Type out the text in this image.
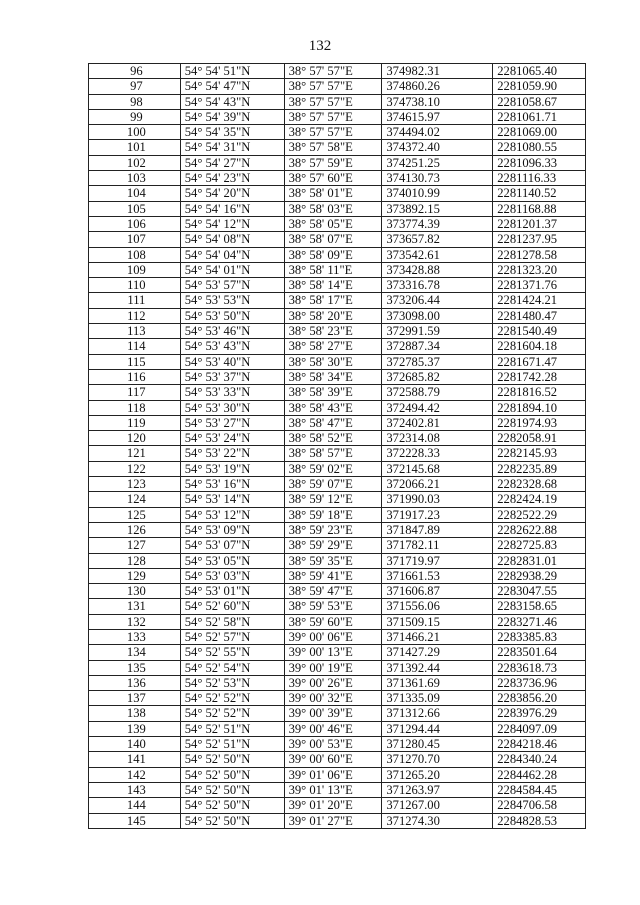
132
96	54° 54' 51"N	38° 57' 57"E	374982.31	2281065.40
97	54° 54' 47"N	38° 57' 57"E	374860.26	2281059.90
98	54° 54' 43"N	38° 57' 57"E	374738.10	2281058.67
99	54° 54' 39"N	38° 57' 57"E	374615.97	2281061.71
100	54° 54' 35"N	38° 57' 57"E	374494.02	2281069.00
101	54° 54' 31"N	38° 57' 58"E	374372.40	2281080.55
102	54° 54' 27"N	38° 57' 59"E	374251.25	2281096.33
103	54° 54' 23"N	38° 57' 60"E	374130.73	2281116.33
104	54° 54' 20"N	38° 58' 01"E	374010.99	2281140.52
105	54° 54' 16"N	38° 58' 03"E	373892.15	2281168.88
106	54° 54' 12"N	38° 58' 05"E	373774.39	2281201.37
107	54° 54' 08"N	38° 58' 07"E	373657.82	2281237.95
108	54° 54' 04"N	38° 58' 09"E	373542.61	2281278.58
109	54° 54' 01"N	38° 58' 11"E	373428.88	2281323.20
110	54° 53' 57"N	38° 58' 14"E	373316.78	2281371.76
111	54° 53' 53"N	38° 58' 17"E	373206.44	2281424.21
112	54° 53' 50"N	38° 58' 20"E	373098.00	2281480.47
113	54° 53' 46"N	38° 58' 23"E	372991.59	2281540.49
114	54° 53' 43"N	38° 58' 27"E	372887.34	2281604.18
115	54° 53' 40"N	38° 58' 30"E	372785.37	2281671.47
116	54° 53' 37"N	38° 58' 34"E	372685.82	2281742.28
117	54° 53' 33"N	38° 58' 39"E	372588.79	2281816.52
118	54° 53' 30"N	38° 58' 43"E	372494.42	2281894.10
119	54° 53' 27"N	38° 58' 47"E	372402.81	2281974.93
120	54° 53' 24"N	38° 58' 52"E	372314.08	2282058.91
121	54° 53' 22"N	38° 58' 57"E	372228.33	2282145.93
122	54° 53' 19"N	38° 59' 02"E	372145.68	2282235.89
123	54° 53' 16"N	38° 59' 07"E	372066.21	2282328.68
124	54° 53' 14"N	38° 59' 12"E	371990.03	2282424.19
125	54° 53' 12"N	38° 59' 18"E	371917.23	2282522.29
126	54° 53' 09"N	38° 59' 23"E	371847.89	2282622.88
127	54° 53' 07"N	38° 59' 29"E	371782.11	2282725.83
128	54° 53' 05"N	38° 59' 35"E	371719.97	2282831.01
129	54° 53' 03"N	38° 59' 41"E	371661.53	2282938.29
130	54° 53' 01"N	38° 59' 47"E	371606.87	2283047.55
131	54° 52' 60"N	38° 59' 53"E	371556.06	2283158.65
132	54° 52' 58"N	38° 59' 60"E	371509.15	2283271.46
133	54° 52' 57"N	39° 00' 06"E	371466.21	2283385.83
134	54° 52' 55"N	39° 00' 13"E	371427.29	2283501.64
135	54° 52' 54"N	39° 00' 19"E	371392.44	2283618.73
136	54° 52' 53"N	39° 00' 26"E	371361.69	2283736.96
137	54° 52' 52"N	39° 00' 32"E	371335.09	2283856.20
138	54° 52' 52"N	39° 00' 39"E	371312.66	2283976.29
139	54° 52' 51"N	39° 00' 46"E	371294.44	2284097.09
140	54° 52' 51"N	39° 00' 53"E	371280.45	2284218.46
141	54° 52' 50"N	39° 00' 60"E	371270.70	2284340.24
142	54° 52' 50"N	39° 01' 06"E	371265.20	2284462.28
143	54° 52' 50"N	39° 01' 13"E	371263.97	2284584.45
144	54° 52' 50"N	39° 01' 20"E	371267.00	2284706.58
145	54° 52' 50"N	39° 01' 27"E	371274.30	2284828.53
